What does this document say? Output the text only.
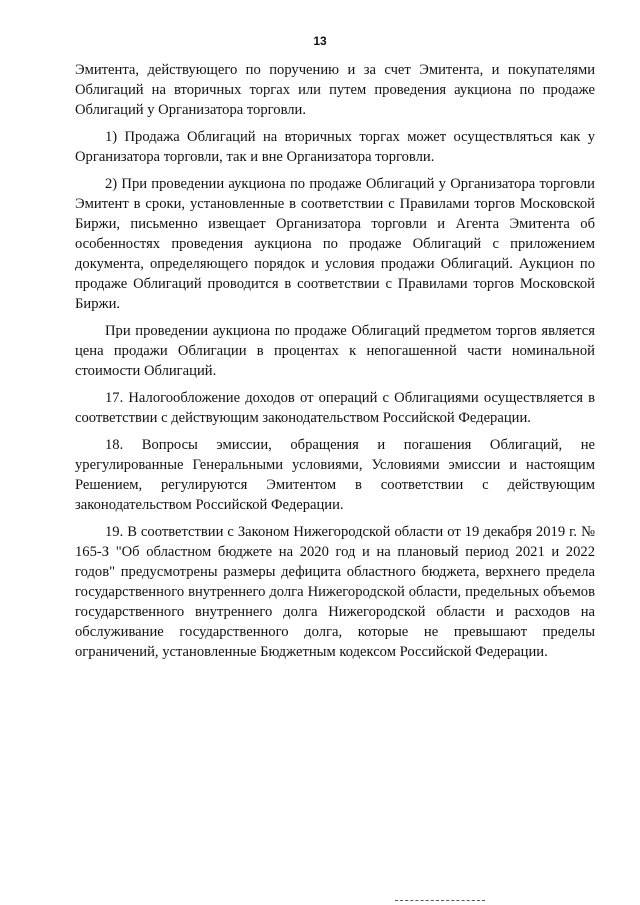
13

Эмитента, действующего по поручению и за счет Эмитента, и покупателями Облигаций на вторичных торгах или путем проведения аукциона по продаже Облигаций у Организатора торговли.

1) Продажа Облигаций на вторичных торгах может осуществляться как у Организатора торговли, так и вне Организатора торговли.

2) При проведении аукциона по продаже Облигаций у Организатора торговли Эмитент в сроки, установленные в соответствии с Правилами торгов Московской Биржи, письменно извещает Организатора торговли и Агента Эмитента об особенностях проведения аукциона по продаже Облигаций с приложением документа, определяющего порядок и условия продажи Облигаций. Аукцион по продаже Облигаций проводится в соответствии с Правилами торгов Московской Биржи.

При проведении аукциона по продаже Облигаций предметом торгов является цена продажи Облигации в процентах к непогашенной части номинальной стоимости Облигаций.

17. Налогообложение доходов от операций с Облигациями осуществляется в соответствии с действующим законодательством Российской Федерации.

18. Вопросы эмиссии, обращения и погашения Облигаций, не урегулированные Генеральными условиями, Условиями эмиссии и настоящим Решением, регулируются Эмитентом в соответствии с действующим законодательством Российской Федерации.

19. В соответствии с Законом Нижегородской области от 19 декабря 2019 г. № 165-З "Об областном бюджете на 2020 год и на плановый период 2021 и 2022 годов" предусмотрены размеры дефицита областного бюджета, верхнего предела государственного внутреннего долга Нижегородской области, предельных объемов государственного внутреннего долга Нижегородской области и расходов на обслуживание государственного долга, которые не превышают пределы ограничений, установленные Бюджетным кодексом Российской Федерации.
